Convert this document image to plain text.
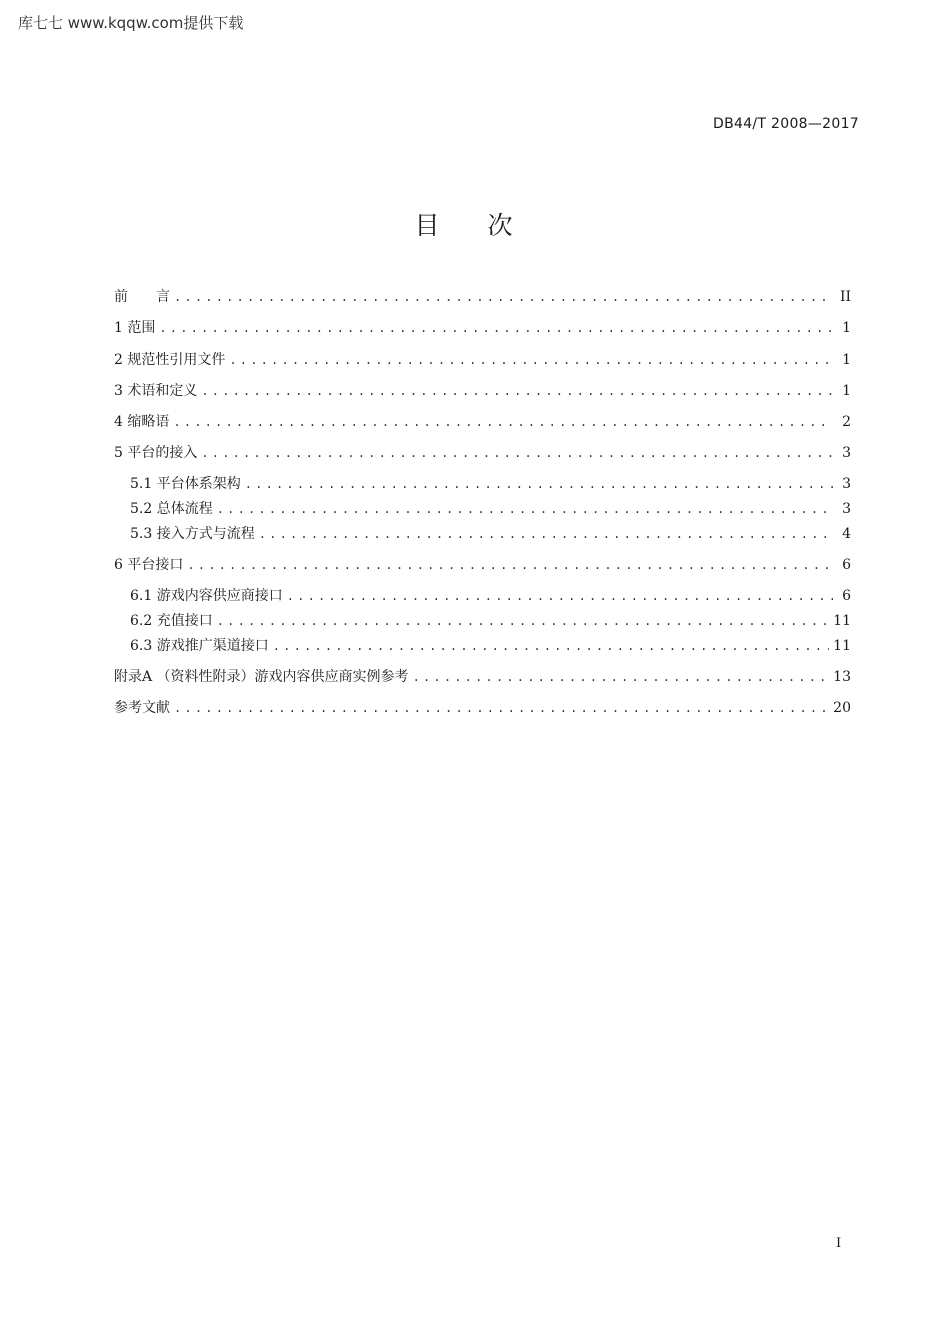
库七七 www.kqqw.com提供下载
DB44/T 2008—2017
目次
前　　言 .....	II
1 范围 .....	1
2 规范性引用文件 .....	1
3 术语和定义 .....	1
4 缩略语 .....	2
5 平台的接入 .....	3
5.1 平台体系架构 .....	3
5.2 总体流程 .....	3
5.3 接入方式与流程 .....	4
6 平台接口 .....	6
6.1 游戏内容供应商接口 .....	6
6.2 充值接口 .....	11
6.3 游戏推广渠道接口 .....	11
附录A （资料性附录）游戏内容供应商实例参考 .....	13
参考文献 .....	20
I
